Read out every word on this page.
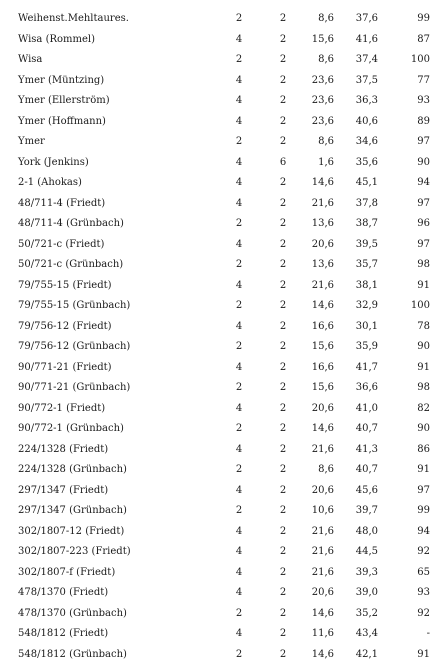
Weihenst.Mehltaures.	2	2	8,6	37,6	99
Wisa (Rommel)	4	2	15,6	41,6	87
Wisa	2	2	8,6	37,4	100
Ymer (Müntzing)	4	2	23,6	37,5	77
Ymer (Ellerström)	4	2	23,6	36,3	93
Ymer (Hoffmann)	4	2	23,6	40,6	89
Ymer	2	2	8,6	34,6	97
York (Jenkins)	4	6	1,6	35,6	90
2-1 (Ahokas)	4	2	14,6	45,1	94
48/711-4 (Friedt)	4	2	21,6	37,8	97
48/711-4 (Grünbach)	2	2	13,6	38,7	96
50/721-c (Friedt)	4	2	20,6	39,5	97
50/721-c (Grünbach)	2	2	13,6	35,7	98
79/755-15 (Friedt)	4	2	21,6	38,1	91
79/755-15 (Grünbach)	2	2	14,6	32,9	100
79/756-12 (Friedt)	4	2	16,6	30,1	78
79/756-12 (Grünbach)	2	2	15,6	35,9	90
90/771-21 (Friedt)	4	2	16,6	41,7	91
90/771-21 (Grünbach)	2	2	15,6	36,6	98
90/772-1 (Friedt)	4	2	20,6	41,0	82
90/772-1 (Grünbach)	2	2	14,6	40,7	90
224/1328 (Friedt)	4	2	21,6	41,3	86
224/1328 (Grünbach)	2	2	8,6	40,7	91
297/1347 (Friedt)	4	2	20,6	45,6	97
297/1347 (Grünbach)	2	2	10,6	39,7	99
302/1807-12 (Friedt)	4	2	21,6	48,0	94
302/1807-223 (Friedt)	4	2	21,6	44,5	92
302/1807-f (Friedt)	4	2	21,6	39,3	65
478/1370 (Friedt)	4	2	20,6	39,0	93
478/1370 (Grünbach)	2	2	14,6	35,2	92
548/1812 (Friedt)	4	2	11,6	43,4	-
548/1812 (Grünbach)	2	2	14,6	42,1	91
